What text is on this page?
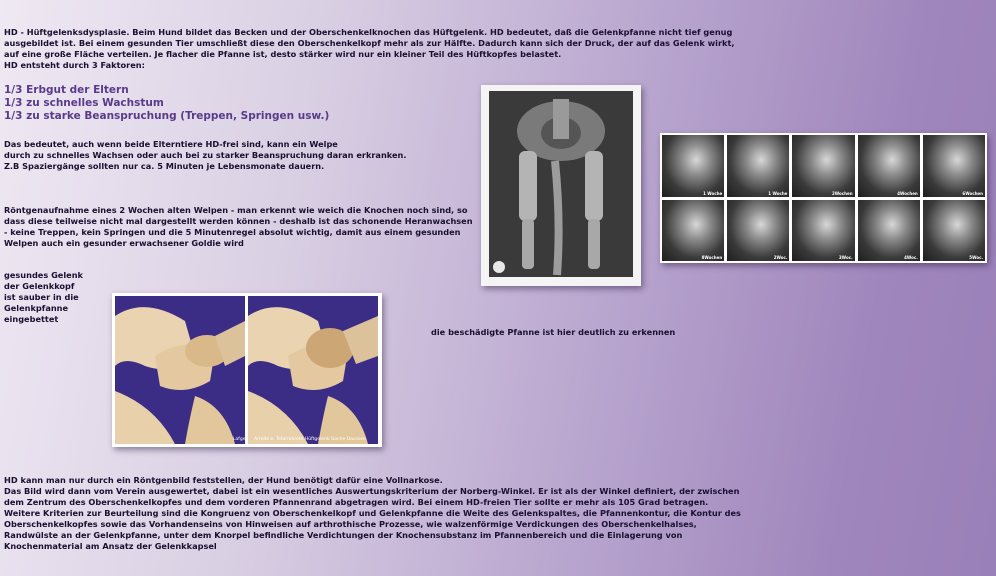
HD - Hüftgelenksdysplasie. Beim Hund bildet das Becken und der Oberschenkelknochen das Hüftgelenk. HD bedeutet, daß die Gelenkpfanne nicht tief genug

ausgebildet ist. Bei einem gesunden Tier umschließt diese den Oberschenkelkopf mehr als zur Hälfte. Dadurch kann sich der Druck, der auf das Gelenk wirkt,

auf eine große Fläche verteilen. Je flacher die Pfanne ist, desto stärker wird nur ein kleiner Teil des Hüftkopfes belastet.

HD entsteht durch 3 Faktoren:

1/3 Erbgut der Eltern

1/3 zu schnelles Wachstum

1/3 zu starke Beanspruchung (Treppen, Springen usw.)

Das bedeutet, auch wenn beide Elterntiere HD-frei sind, kann ein Welpe

durch zu schnelles Wachsen oder auch bei zu starker Beanspruchung daran erkranken.

Z.B Spaziergänge sollten nur ca. 5 Minuten je Lebensmonate dauern.

Röntgenaufnahme eines 2 Wochen alten Welpen - man erkennt wie weich die Knochen noch sind, so

dass diese teilweise nicht mal dargestellt werden können - deshalb ist das schonende Heranwachsen

- keine Treppen, kein Springen und die 5 Minutenregel absolut wichtig, damit aus einem gesunden

Welpen auch ein gesunder erwachsener Goldie wird

gesundes Gelenk

der Gelenkkopf

ist sauber in die

Gelenkpfanne

eingebettet

die beschädigte Pfanne ist hier deutlich zu erkennen

1 Woche	1 Woche	2Wochen	4Wochen	6Wochen
8Wochen	2Woc.	3Woc.	4Woc.	5Woc.
Lafgea Arrede o. Tetarrohrete Hüftgelenk Goche Oacssen

HD kann man nur durch ein Röntgenbild feststellen, der Hund benötigt dafür eine Vollnarkose.

Das Bild wird dann vom Verein ausgewertet, dabei ist ein wesentliches Auswertungskriterium der Norberg-Winkel. Er ist als der Winkel definiert, der zwischen

dem Zentrum des Oberschenkelkopfes und dem vorderen Pfannenrand abgetragen wird. Bei einem HD-freien Tier sollte er mehr als 105 Grad betragen.

Weitere Kriterien zur Beurteilung sind die Kongruenz von Oberschenkelkopf und Gelenkpfanne die Weite des Gelenkspaltes, die Pfannenkontur, die Kontur des

Oberschenkelkopfes sowie das Vorhandenseins von Hinweisen auf arthrothische Prozesse, wie walzenförmige Verdickungen des Oberschenkelhalses,

Randwülste an der Gelenkpfanne, unter dem Knorpel befindliche Verdichtungen der Knochensubstanz im Pfannenbereich und die Einlagerung von

Knochenmaterial am Ansatz der Gelenkkapsel
